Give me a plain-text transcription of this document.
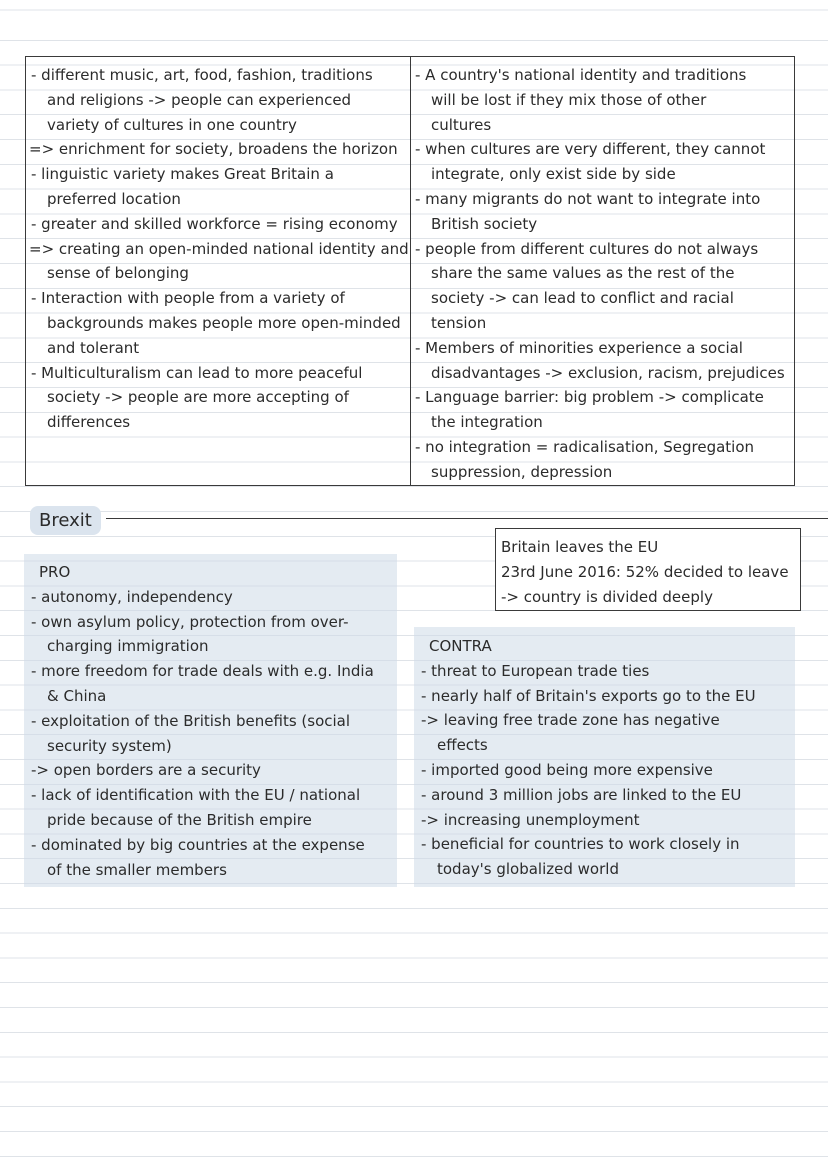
- different music, art, food, fashion, traditions
and religions -> people can experienced
variety of cultures in one country
=> enrichment for society, broadens the horizon
- linguistic variety makes Great Britain a
preferred location
- greater and skilled workforce = rising economy
=> creating an open-minded national identity and
sense of belonging
- Interaction with people from a variety of
backgrounds makes people more open-minded
and tolerant
- Multiculturalism can lead to more peaceful
society -> people are more accepting of
differences
- A country's national identity and traditions
will be lost if they mix those of other
cultures
- when cultures are very different, they cannot
integrate, only exist side by side
- many migrants do not want to integrate into
British society
- people from different cultures do not always
share the same values as the rest of the
society -> can lead to conflict and racial
tension
- Members of minorities experience a social
disadvantages -> exclusion, racism, prejudices
- Language barrier: big problem -> complicate
the integration
- no integration = radicalisation, Segregation
suppression, depression
Brexit
Britain leaves the EU
23rd June 2016: 52% decided to leave
-> country is divided deeply
PRO
- autonomy, independency
- own asylum policy, protection from over-
charging immigration
- more freedom for trade deals with e.g. India
& China
- exploitation of the British benefits (social
security system)
-> open borders are a security
- lack of identification with the EU / national
pride because of the British empire
- dominated by big countries at the expense
of the smaller members
CONTRA
- threat to European trade ties
- nearly half of Britain's exports go to the EU
-> leaving free trade zone has negative
effects
- imported good being more expensive
- around 3 million jobs are linked to the EU
-> increasing unemployment
- beneficial for countries to work closely in
today's globalized world
